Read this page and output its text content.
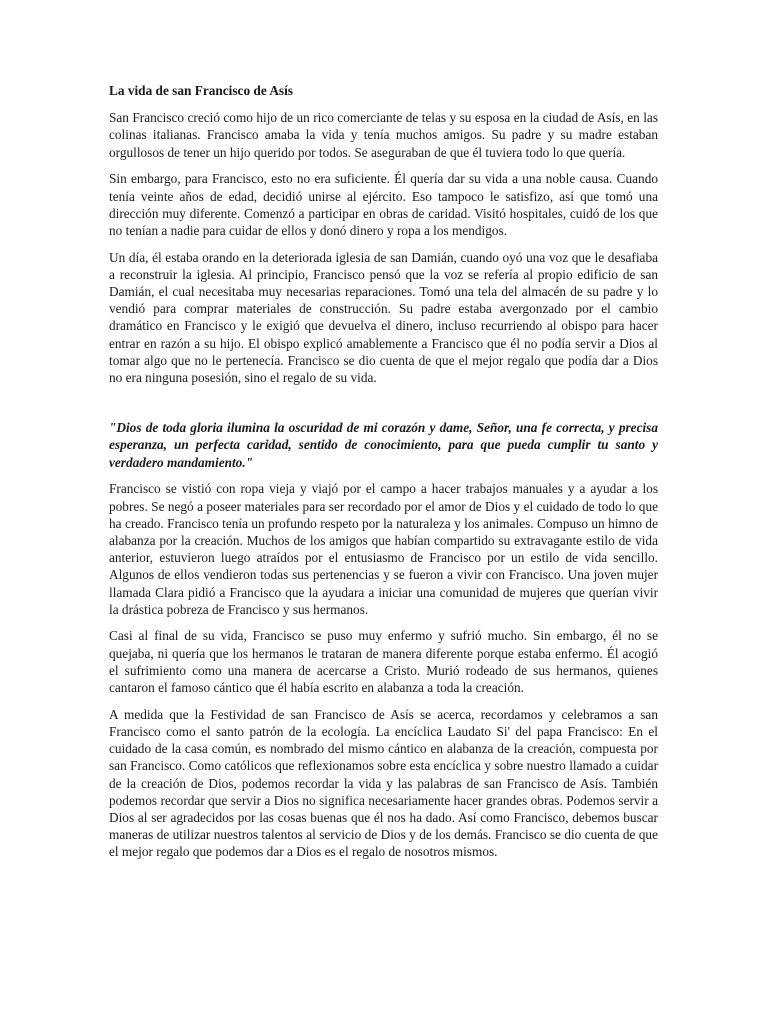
La vida de san Francisco de Asís

San Francisco creció como hijo de un rico comerciante de telas y su esposa en la ciudad de Asís, en las colinas italianas. Francisco amaba la vida y tenía muchos amigos. Su padre y su madre estaban orgullosos de tener un hijo querido por todos. Se aseguraban de que él tuviera todo lo que quería.

Sin embargo, para Francisco, esto no era suficiente. Él quería dar su vida a una noble causa. Cuando tenía veinte años de edad, decidió unirse al ejército. Eso tampoco le satisfizo, así que tomó una dirección muy diferente. Comenzó a participar en obras de caridad. Visitó hospitales, cuidó de los que no tenían a nadie para cuidar de ellos y donó dinero y ropa a los mendigos.

Un día, él estaba orando en la deteriorada iglesia de san Damián, cuando oyó una voz que le desafiaba a reconstruir la iglesia. Al principio, Francisco pensó que la voz se refería al propio edificio de san Damián, el cual necesitaba muy necesarias reparaciones. Tomó una tela del almacén de su padre y lo vendió para comprar materiales de construcción. Su padre estaba avergonzado por el cambio dramático en Francisco y le exigió que devuelva el dinero, incluso recurriendo al obispo para hacer entrar en razón a su hijo. El obispo explicó amablemente a Francisco que él no podía servir a Dios al tomar algo que no le pertenecía. Francisco se dio cuenta de que el mejor regalo que podía dar a Dios no era ninguna posesión, sino el regalo de su vida.

"Dios de toda gloria ilumina la oscuridad de mi corazón y dame, Señor, una fe correcta, y precisa esperanza, un perfecta caridad, sentido de conocimiento, para que pueda cumplir tu santo y verdadero mandamiento."

Francisco se vistió con ropa vieja y viajó por el campo a hacer trabajos manuales y a ayudar a los pobres. Se negó a poseer materiales para ser recordado por el amor de Dios y el cuidado de todo lo que ha creado. Francisco tenía un profundo respeto por la naturaleza y los animales. Compuso un himno de alabanza por la creación. Muchos de los amigos que habían compartido su extravagante estilo de vida anterior, estuvieron luego atraídos por el entusiasmo de Francisco por un estilo de vida sencillo. Algunos de ellos vendieron todas sus pertenencias y se fueron a vivir con Francisco. Una joven mujer llamada Clara pidió a Francisco que la ayudara a iniciar una comunidad de mujeres que querían vivir la drástica pobreza de Francisco y sus hermanos.

Casi al final de su vida, Francisco se puso muy enfermo y sufrió mucho. Sin embargo, él no se quejaba, ni quería que los hermanos le trataran de manera diferente porque estaba enfermo. Él acogió el sufrimiento como una manera de acercarse a Cristo. Murió rodeado de sus hermanos, quienes cantaron el famoso cántico que él había escrito en alabanza a toda la creación.

A medida que la Festividad de san Francisco de Asís se acerca, recordamos y celebramos a san Francisco como el santo patrón de la ecología. La encíclica Laudato Si' del papa Francisco: En el cuidado de la casa común, es nombrado del mismo cántico en alabanza de la creación, compuesta por san Francisco. Como católicos que reflexionamos sobre esta encíclica y sobre nuestro llamado a cuidar de la creación de Dios, podemos recordar la vida y las palabras de san Francisco de Asís. También podemos recordar que servir a Dios no significa necesariamente hacer grandes obras. Podemos servir a Dios al ser agradecidos por las cosas buenas que él nos ha dado. Así como Francisco, debemos buscar maneras de utilizar nuestros talentos al servicio de Dios y de los demás. Francisco se dio cuenta de que el mejor regalo que podemos dar a Dios es el regalo de nosotros mismos.
